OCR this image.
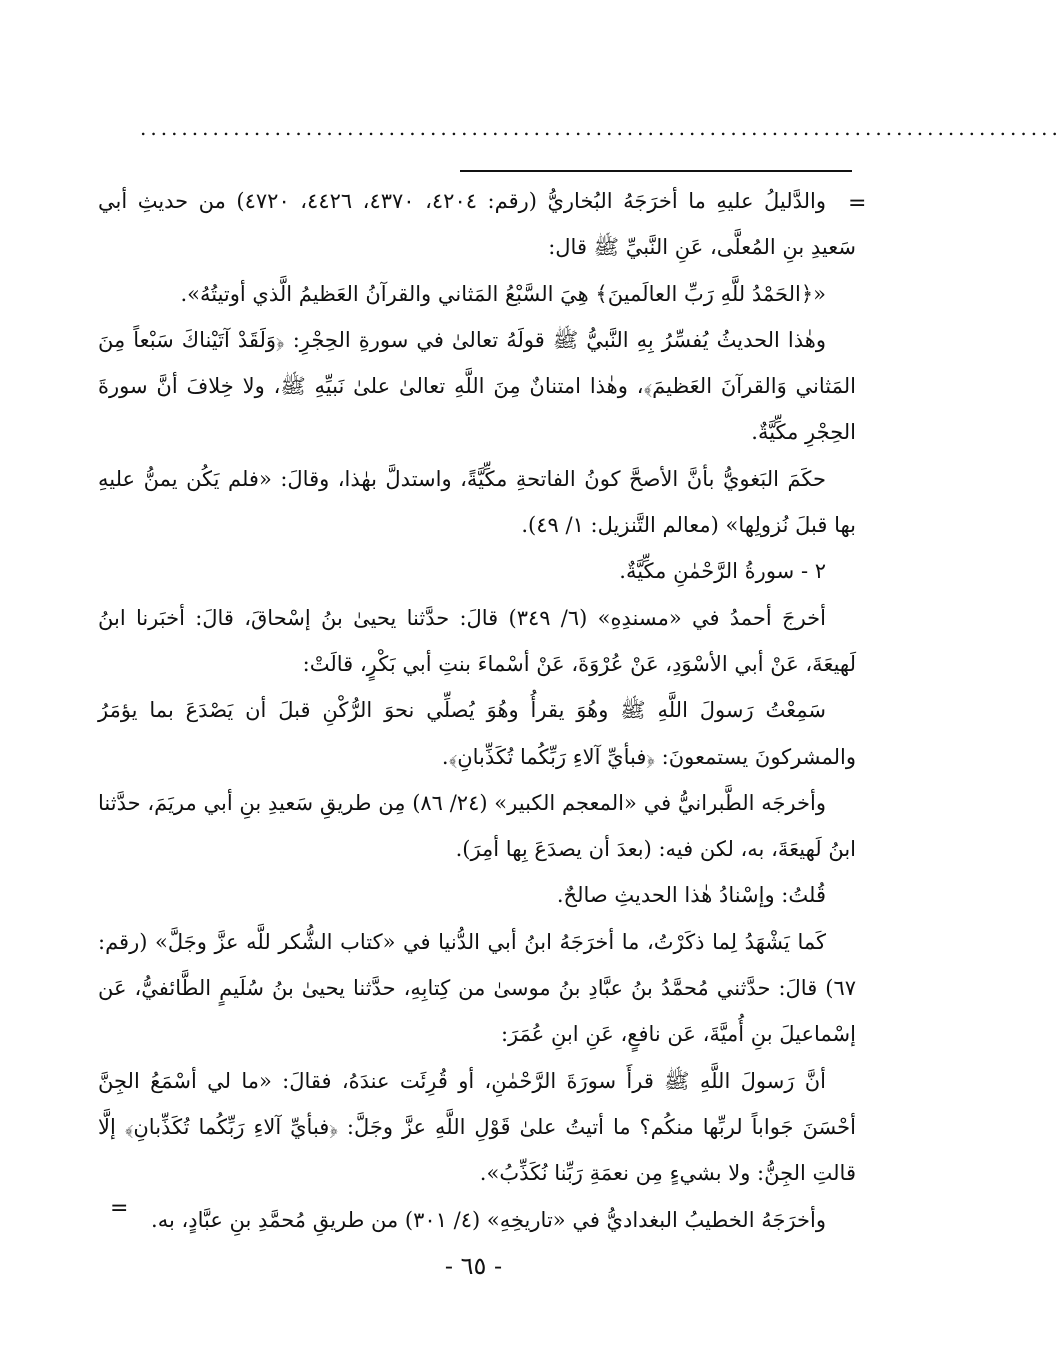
.........................................................................................
=

والدَّليلُ عليهِ ما أخرَجَهُ البُخاريُّ (رقم: ٤٢٠٤، ٤٣٧٠، ٤٤٢٦، ٤٧٢٠) من حديثِ أبي سَعيدِ بنِ المُعلَّى، عَنِ النَّبيِّ ﷺ قال:

«﴿الحَمْدُ للَّهِ رَبِّ العالَمينَ﴾ هِيَ السَّبْعُ المَثاني والقرآنُ العَظيمُ الَّذي أوتيتُهُ».

وهٰذا الحديثُ يُفسِّرُ بِهِ النَّبيُّ ﷺ قولَهُ تعالىٰ في سورةِ الحِجْرِ: ﴿وَلَقَدْ آتَيْناكَ سَبْعاً مِنَ المَثاني وَالقرآنَ العَظيمَ﴾، وهٰذا امتنانٌ مِنَ اللَّهِ تعالىٰ علىٰ نَبيِّهِ ﷺ، ولا خِلافَ أنَّ سورةَ الحِجْرِ مكِّيَّةٌ.

حكَمَ البَغويُّ بأنَّ الأصحَّ كونُ الفاتحةِ مكِّيَّةً، واستدلَّ بهٰذا، وقالَ: «فلم يَكُن يمنُّ عليهِ بها قبلَ نُزولِها» (معالم التَّنزيل: ١/ ٤٩).

٢ - سورةُ الرَّحْمٰنِ مكِّيَّةٌ.

أخرجَ أحمدُ في «مسندِهِ» (٦/ ٣٤٩) قالَ: حدَّثنا يحيىٰ بنُ إسْحاقَ، قالَ: أخبَرنا ابنُ لَهيعَةَ، عَنْ أبي الأسْوَدِ، عَنْ عُرْوَةَ، عَنْ أسْماءَ بنتِ أبي بَكْرٍ، قالَتْ:

سَمِعْتُ رَسولَ اللَّهِ ﷺ وهُوَ يقرأُ وهُوَ يُصلِّي نحوَ الرُّكْنِ قبلَ أن يَصْدَعَ بما يؤمَرُ والمشركونَ يستمعونَ: ﴿فبأيِّ آلاءِ رَبِّكُما تُكَذِّبانِ﴾.

وأخرجَه الطَّبرانيُّ في «المعجم الكبير» (٢٤/ ٨٦) مِن طريقِ سَعيدِ بنِ أبي مريَمَ، حدَّثنا ابنُ لَهيعَةَ، به، لكن فيه: (بعدَ أن يصدَعَ بِها أمِرَ).

قُلتُ: وإسْنادُ هٰذا الحديثِ صالحٌ.

كَما يَشْهَدُ لِما ذكَرْتُ، ما أخرَجَهُ ابنُ أبي الدُّنيا في «كتاب الشُّكر للَّه عزَّ وجَلَّ» (رقم: ٦٧) قالَ: حدَّثني مُحمَّدُ بنُ عبَّادِ بنُ موسىٰ من كِتابِهِ، حدَّثنا يحيىٰ بنُ سُلَيمٍ الطَّائفيُّ، عَن إسْماعيلَ بنِ أُميَّةَ، عَن نافعٍ، عَنِ ابنِ عُمَرَ:

أنَّ رَسولَ اللَّهِ ﷺ قرأَ سورَةَ الرَّحْمٰنِ، أو قُرِئَت عندَهُ، فقالَ: «ما لي أسْمَعُ الجِنَّ أحْسَنَ جَواباً لربِّها منكُم؟ ما أتيتُ علىٰ قَوْلِ اللَّهِ عزَّ وجَلَّ: ﴿فبأيِّ آلاءِ رَبِّكُما تُكَذِّبانِ﴾ إلَّا قالتِ الجِنُّ: ولا بشيءٍ مِن نعمَةِ رَبِّنا نُكَذِّبُ».

وأخرَجَهُ الخطيبُ البغداديُّ في «تاريخِهِ» (٤/ ٣٠١) من طريقِ مُحمَّدِ بنِ عبَّادٍ، به.

=
- ٦٥ -
